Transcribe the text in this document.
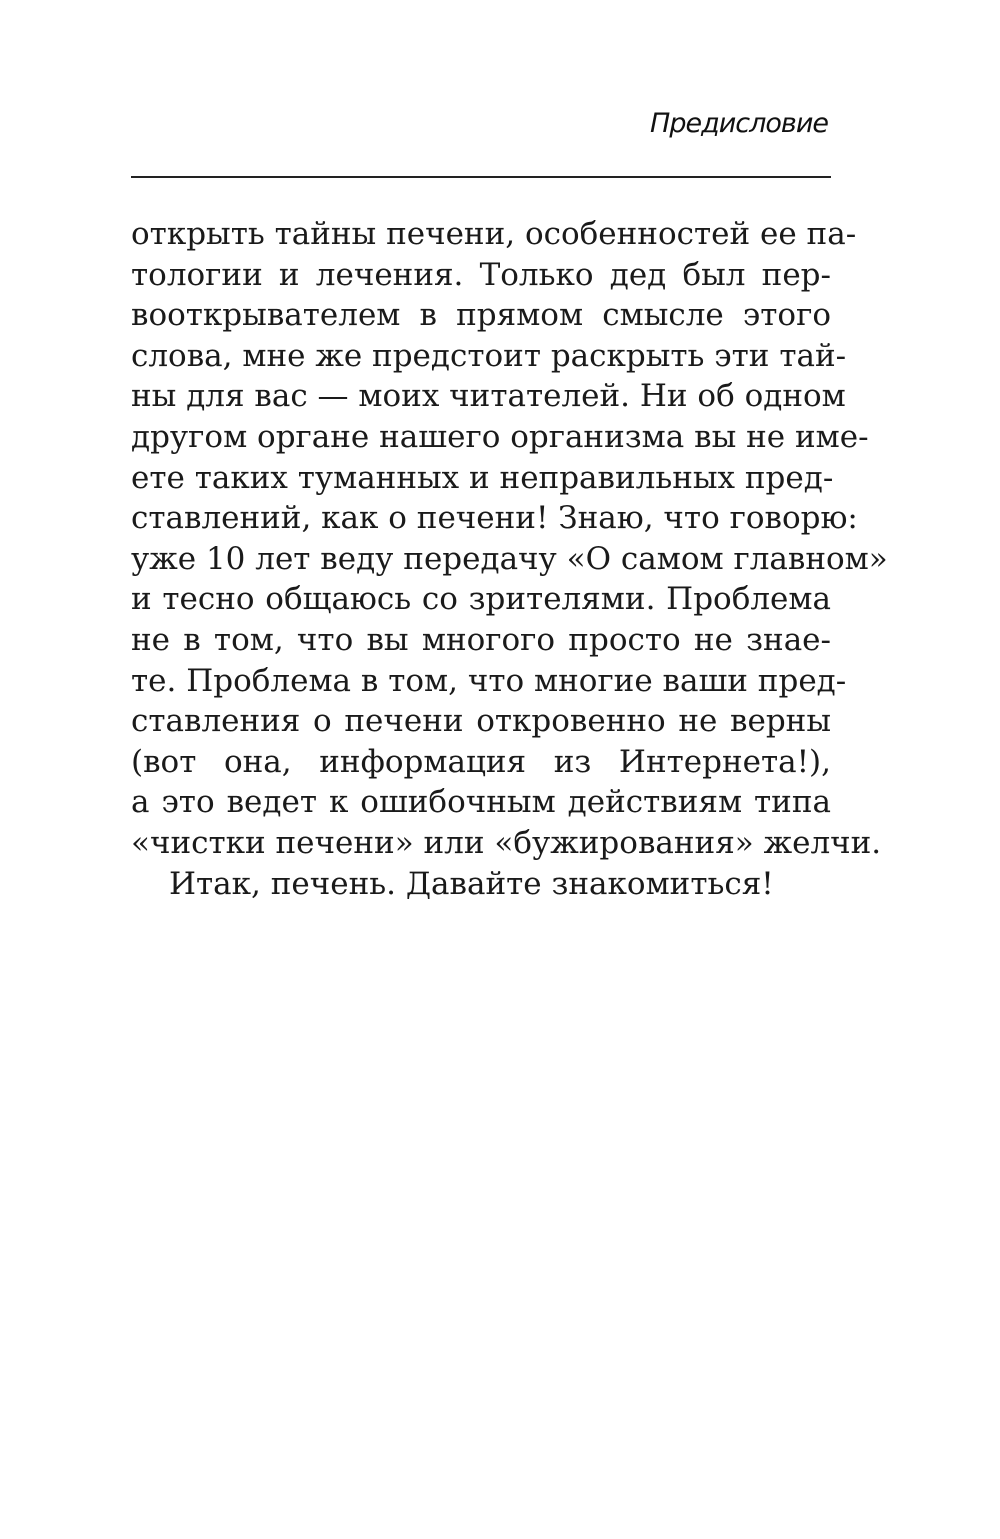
Предисловие
открыть тайны печени, особенностей ее па-
тологии и лечения. Только дед был пер-
вооткрывателем в прямом смысле этого
слова, мне же предстоит раскрыть эти тай-
ны для вас — моих читателей. Ни об одном
другом органе нашего организма вы не име-
ете таких туманных и неправильных пред-
ставлений, как о печени! Знаю, что говорю:
уже 10 лет веду передачу «О самом главном»
и тесно общаюсь со зрителями. Проблема
не в том, что вы многого просто не знае-
те. Проблема в том, что многие ваши пред-
ставления о печени откровенно не верны
(вот она, информация из Интернета!),
а это ведет к ошибочным действиям типа
«чистки печени» или «бужирования» желчи.
Итак, печень. Давайте знакомиться!
